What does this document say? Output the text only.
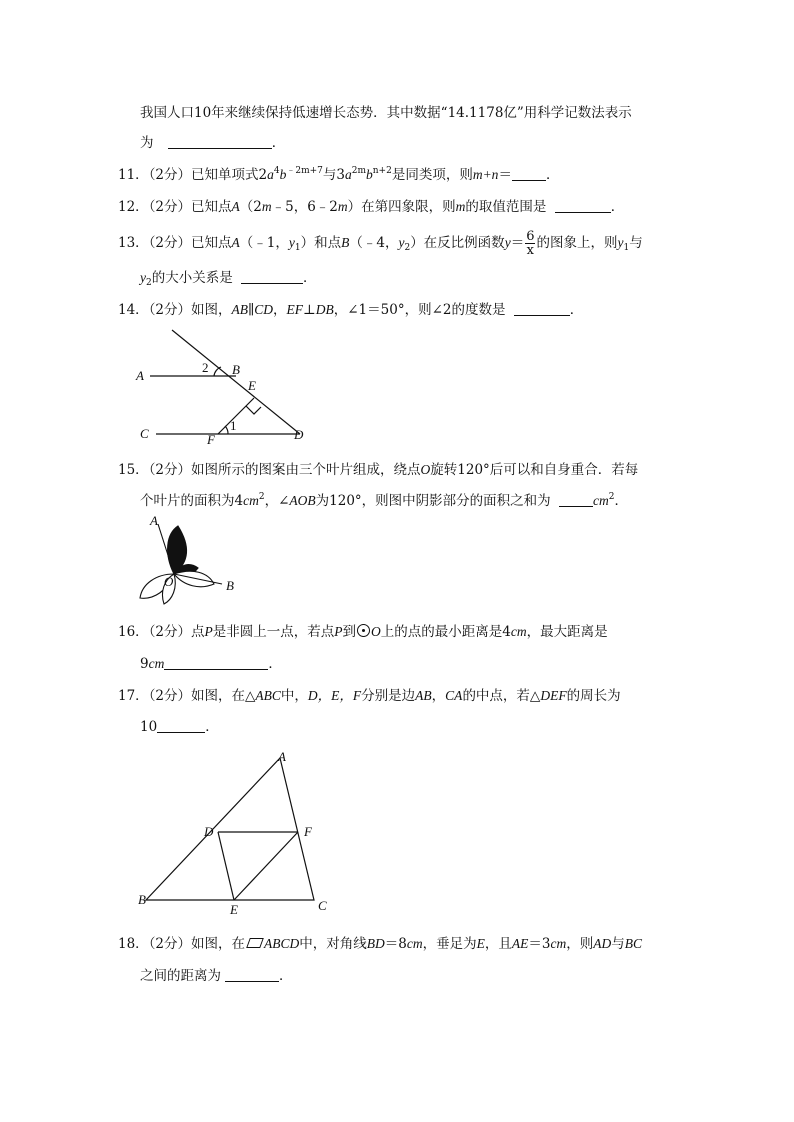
我国人口10年来继续保持低速增长态势．其中数据“14.1178亿”用科学记数法表示
为	．
11．（2分）已知单项式$2a^4b^{﹣2m+7}$与$3a^{2m}b^{n+2}$是同类项，则m+n＝	．
12．（2分）已知点A（2m﹣5，6﹣2m）在第四象限，则m的取值范围是	．
13．（2分）已知点A（﹣1，$y_1$）和点B（﹣4，$y_2$）在反比例函数$y= \frac{6}{x}$ 的图象上，则$y_1$与
$y_2$的大小关系是	．
14．（2分）如图，AB∥CD，EF⊥DB，∠1＝50°，则∠2的度数是	．
A	B
E
C	D
F
1
2
15．（2分）如图所示的图案由三个叶片组成，绕点O旋转120°后可以和自身重合．若每
个叶片的面积为$4cm^2$，∠AOB为120°，则图中阴影部分的面积之和为	$cm^2$．
A
O	B
16．（2分）点P是非圆上一点，若点P到 O上的点的最小距离是4cm，最大距离是
9cm	．
17．（2分）如图，在△ABC中，D，E，F分别是边AB，CA的中点，若△DEF的周长为
10	．
A
B	C
D
E
F
18．（2分）如图，在 ABCD中，对角线BD＝8cm，垂足为E，且AE＝3cm，则AD与BC
之间的距离为	．
